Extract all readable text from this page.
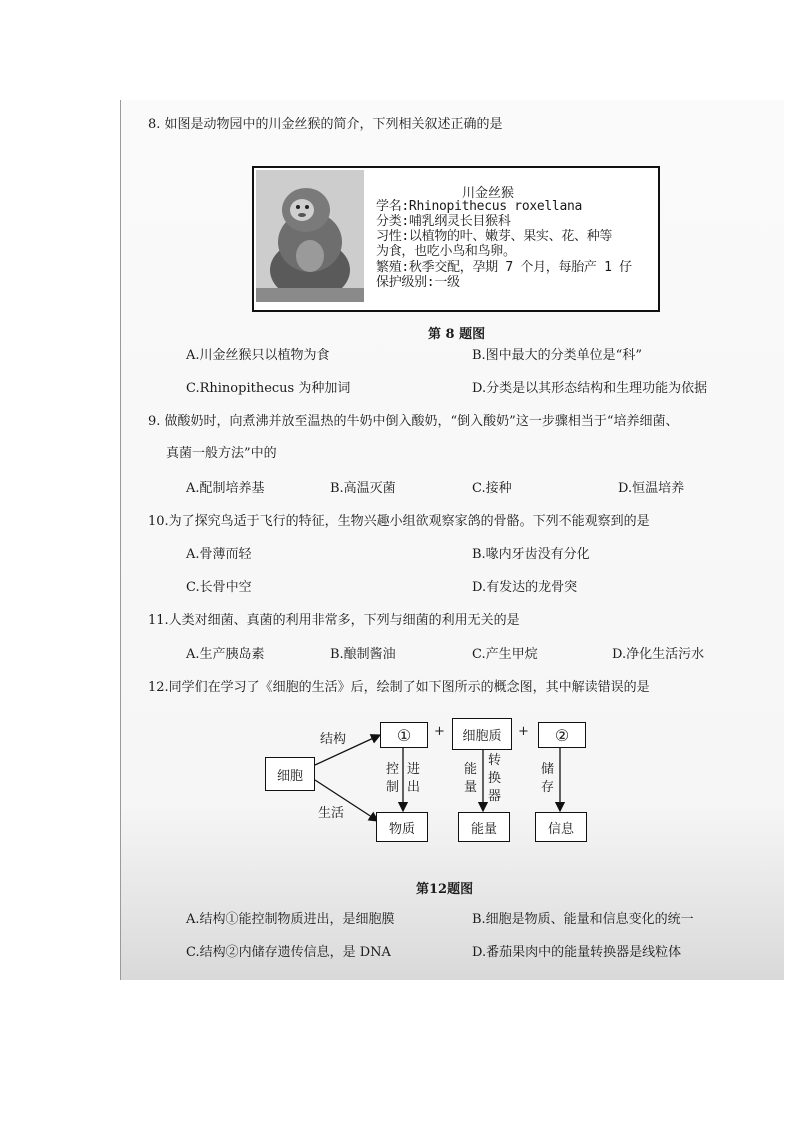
8. 如图是动物园中的川金丝猴的简介，下列相关叙述正确的是
川金丝猴
学名:Rhinopithecus roxellana
分类:哺乳纲灵长目猴科
习性:以植物的叶、嫩芽、果实、花、种等
为食，也吃小鸟和鸟卵。
繁殖:秋季交配，孕期 7 个月，每胎产 1 仔
保护级别:一级
第 8 题图
A.川金丝猴只以植物为食	B.图中最大的分类单位是“科”
C.Rhinopithecus 为种加词	D.分类是以其形态结构和生理功能为依据
9. 做酸奶时，向煮沸并放至温热的牛奶中倒入酸奶，“倒入酸奶”这一步骤相当于“培养细菌、
真菌一般方法”中的
A.配制培养基	B.高温灭菌	C.接种	D.恒温培养
10.为了探究鸟适于飞行的特征，生物兴趣小组欲观察家鸽的骨骼。下列不能观察到的是
A.骨薄而轻	B.喙内牙齿没有分化
C.长骨中空	D.有发达的龙骨突
11.人类对细菌、真菌的利用非常多，下列与细菌的利用无关的是
A.生产胰岛素	B.酿制酱油	C.产生甲烷	D.净化生活污水
12.同学们在学习了《细胞的生活》后，绘制了如下图所示的概念图，其中解读错误的是
细胞
结构
生活
①	+	细胞质	+	②
控制
进出
能量
转换器
储存
物质	能量	信息
第12题图
A.结构①能控制物质进出，是细胞膜	B.细胞是物质、能量和信息变化的统一
C.结构②内储存遗传信息，是 DNA	D.番茄果肉中的能量转换器是线粒体
